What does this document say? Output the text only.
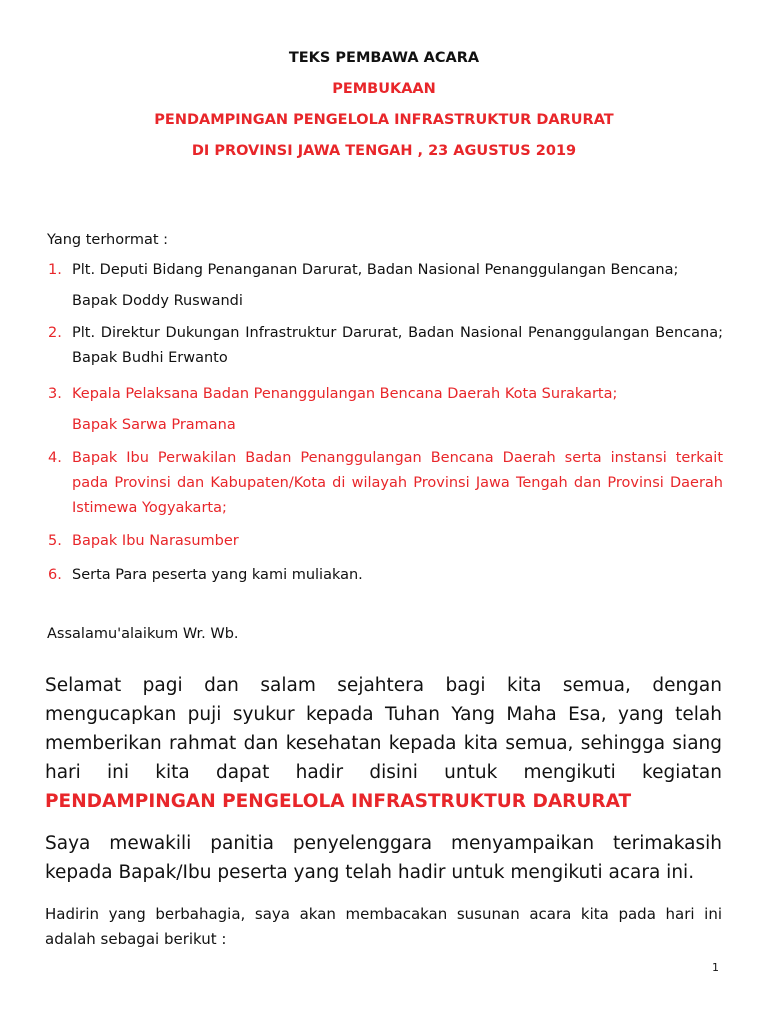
TEKS PEMBAWA ACARA
PEMBUKAAN
PENDAMPINGAN PENGELOLA INFRASTRUKTUR DARURAT
DI PROVINSI JAWA TENGAH , 23 AGUSTUS 2019
Yang terhormat :
1. Plt. Deputi Bidang Penanganan Darurat, Badan Nasional Penanggulangan Bencana;
Bapak Doddy Ruswandi
2. Plt. Direktur Dukungan Infrastruktur Darurat, Badan Nasional Penanggulangan Bencana; Bapak Budhi Erwanto
3. Kepala Pelaksana Badan Penanggulangan Bencana Daerah Kota Surakarta;
Bapak Sarwa Pramana
4. Bapak Ibu Perwakilan Badan Penanggulangan Bencana Daerah serta instansi terkait pada Provinsi dan Kabupaten/Kota di wilayah Provinsi Jawa Tengah dan Provinsi Daerah Istimewa Yogyakarta;
5. Bapak Ibu Narasumber
6. Serta Para peserta yang kami muliakan.
Assalamu'alaikum Wr. Wb.
Selamat pagi dan salam sejahtera bagi kita semua, dengan mengucapkan puji syukur kepada Tuhan Yang Maha Esa, yang telah memberikan rahmat dan kesehatan kepada kita semua, sehingga siang hari ini kita dapat hadir disini untuk mengikuti kegiatan PENDAMPINGAN PENGELOLA INFRASTRUKTUR DARURAT
Saya mewakili panitia penyelenggara menyampaikan terimakasih kepada Bapak/Ibu peserta yang telah hadir untuk mengikuti acara ini.
Hadirin yang berbahagia, saya akan membacakan susunan acara kita pada hari ini adalah sebagai berikut :
1
